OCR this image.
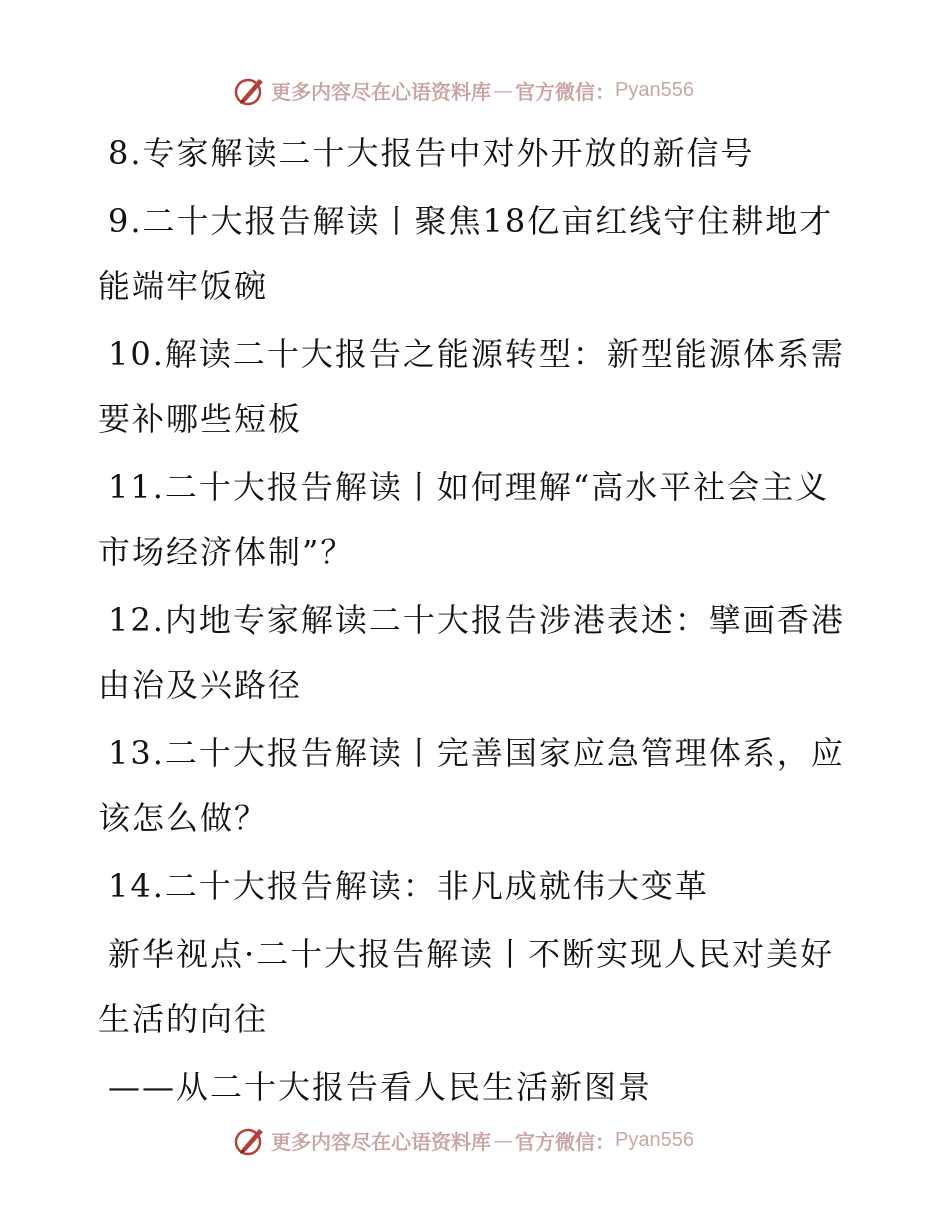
更多内容尽在心语资料库 — 官方微信： Pyan556

8.专家解读二十大报告中对外开放的新信号

9.二十大报告解读丨聚焦18亿亩红线守住耕地才能端牢饭碗

10.解读二十大报告之能源转型：新型能源体系需要补哪些短板

11.二十大报告解读丨如何理解“高水平社会主义市场经济体制”？

12.内地专家解读二十大报告涉港表述：擘画香港由治及兴路径

13.二十大报告解读丨完善国家应急管理体系，应该怎么做？

14.二十大报告解读：非凡成就伟大变革

新华视点·二十大报告解读丨不断实现人民对美好生活的向往

——从二十大报告看人民生活新图景

更多内容尽在心语资料库 — 官方微信： Pyan556
